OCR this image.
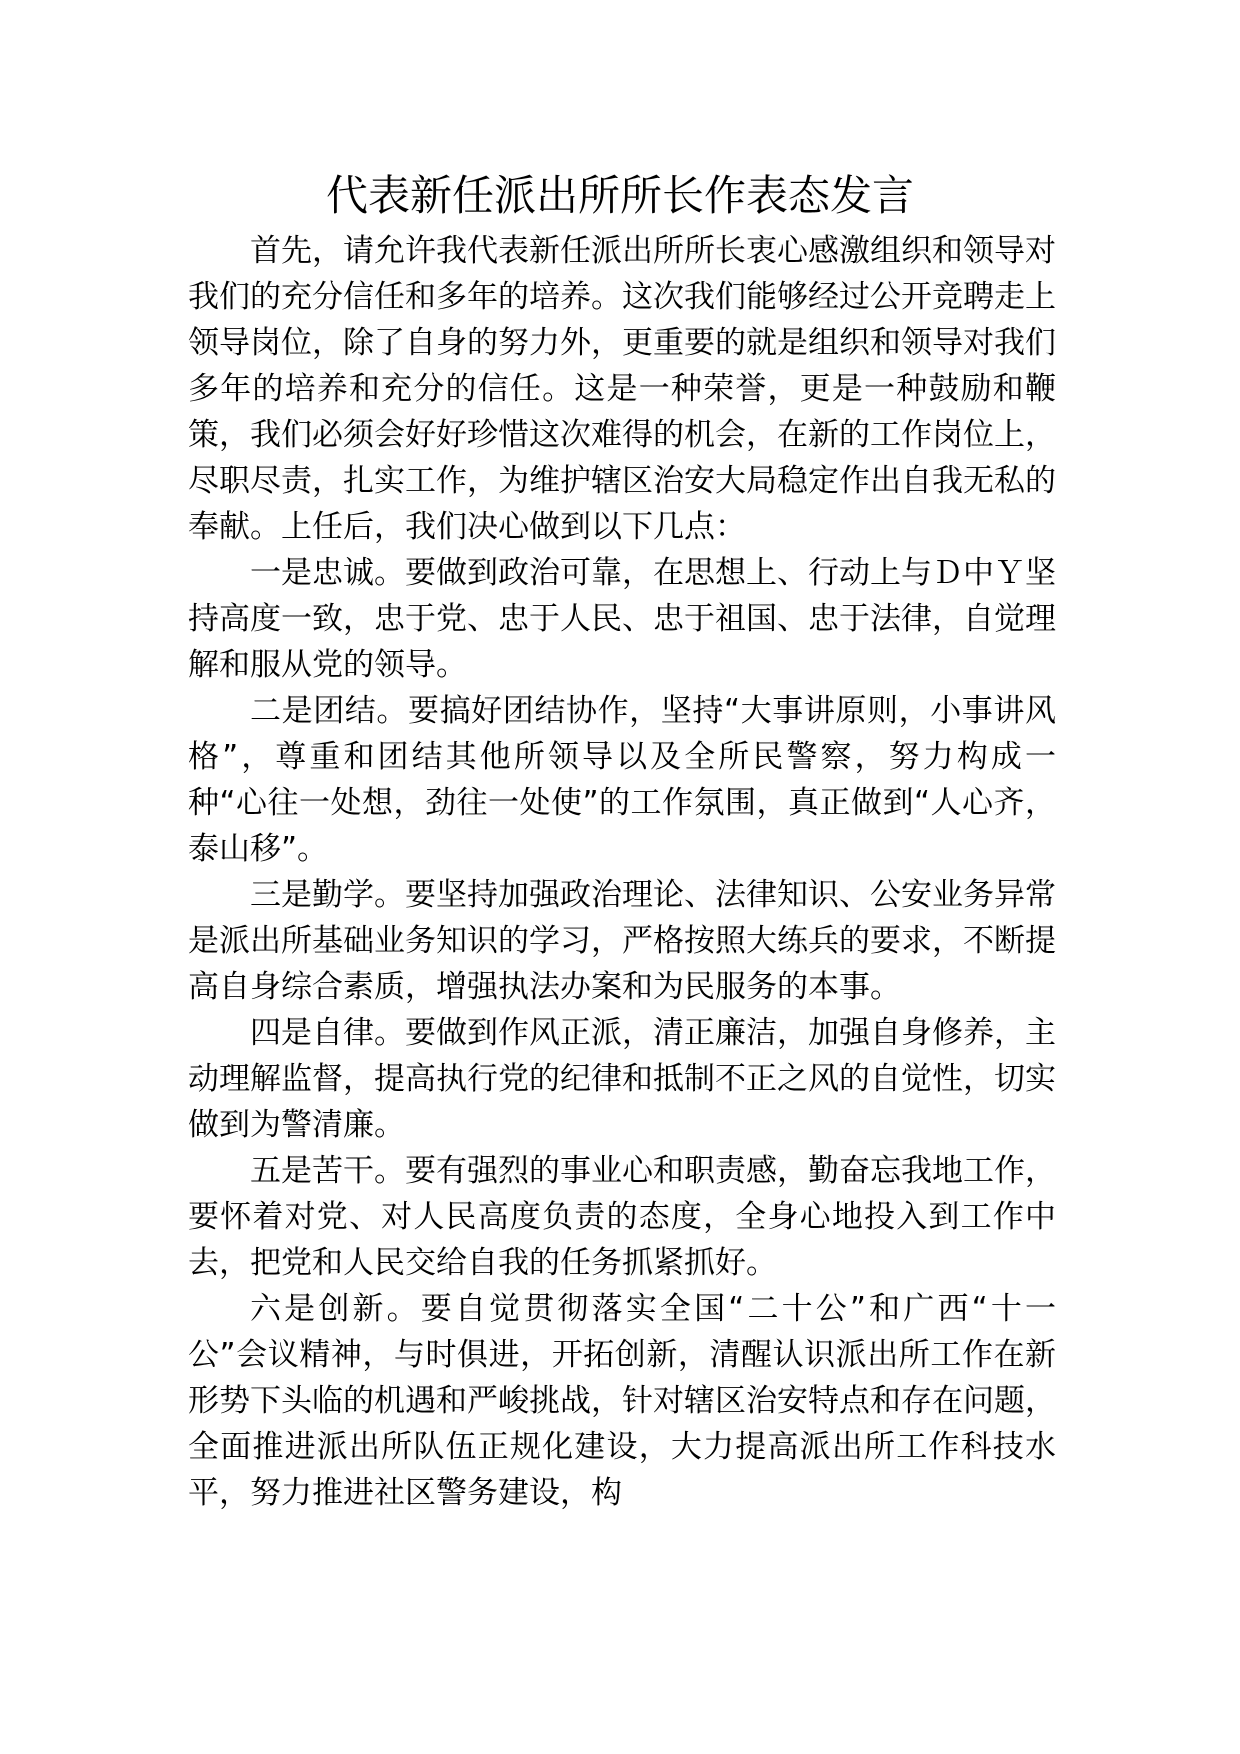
代表新任派出所所长作表态发言

首先，请允许我代表新任派出所所长衷心感激组织和领导对我们的充分信任和多年的培养。这次我们能够经过公开竞聘走上领导岗位，除了自身的努力外，更重要的就是组织和领导对我们多年的培养和充分的信任。这是一种荣誉，更是一种鼓励和鞭策，我们必须会好好珍惜这次难得的机会，在新的工作岗位上，尽职尽责，扎实工作，为维护辖区治安大局稳定作出自我无私的奉献。上任后，我们决心做到以下几点：

一是忠诚。要做到政治可靠，在思想上、行动上与Ｄ中Ｙ坚持高度一致，忠于党、忠于人民、忠于祖国、忠于法律，自觉理解和服从党的领导。

二是团结。要搞好团结协作，坚持“大事讲原则，小事讲风格”，尊重和团结其他所领导以及全所民警察，努力构成一种“心往一处想，劲往一处使”的工作氛围，真正做到“人心齐，泰山移”。

三是勤学。要坚持加强政治理论、法律知识、公安业务异常是派出所基础业务知识的学习，严格按照大练兵的要求，不断提高自身综合素质，增强执法办案和为民服务的本事。

四是自律。要做到作风正派，清正廉洁，加强自身修养，主动理解监督，提高执行党的纪律和抵制不正之风的自觉性，切实做到为警清廉。

五是苦干。要有强烈的事业心和职责感，勤奋忘我地工作，要怀着对党、对人民高度负责的态度，全身心地投入到工作中去，把党和人民交给自我的任务抓紧抓好。

六是创新。要自觉贯彻落实全国“二十公”和广西“十一公”会议精神，与时俱进，开拓创新，清醒认识派出所工作在新形势下头临的机遇和严峻挑战，针对辖区治安特点和存在问题，全面推进派出所队伍正规化建设，大力提高派出所工作科技水平，努力推进社区警务建设，构
